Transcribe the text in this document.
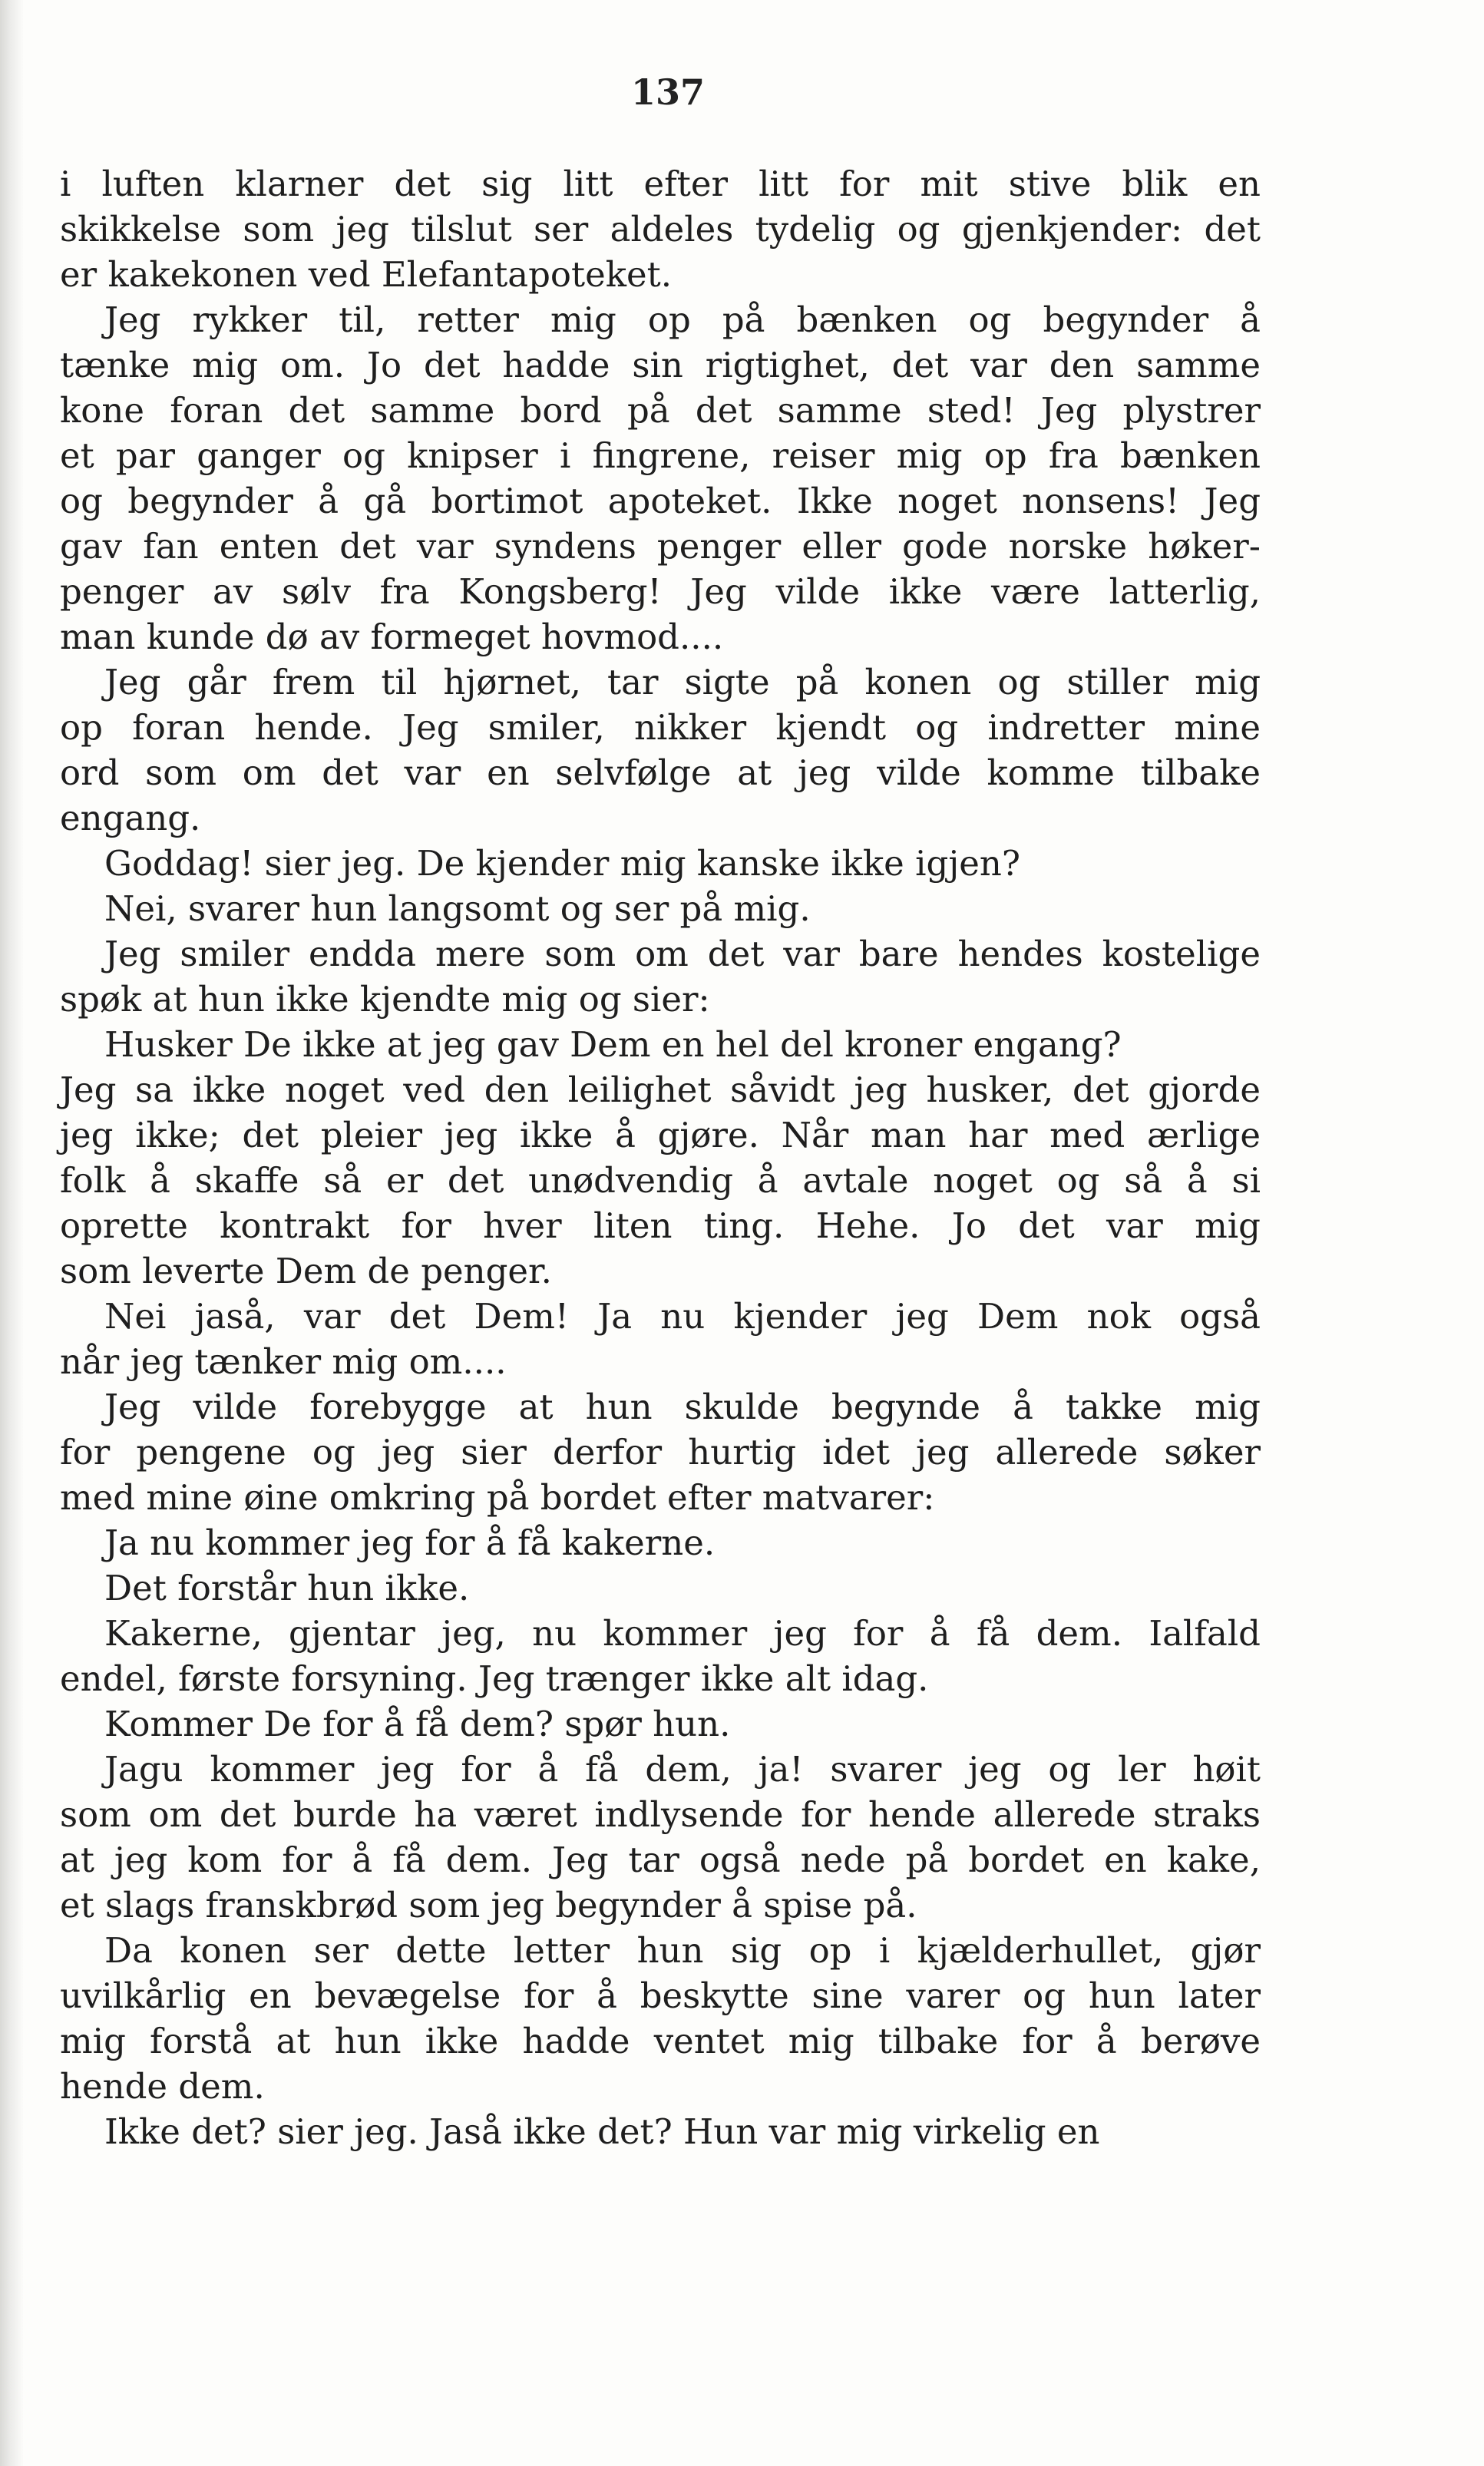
137
i luften klarner det sig litt efter litt for mit stive blik en
skikkelse som jeg tilslut ser aldeles tydelig og gjenkjender: det
er kakekonen ved Elefantapoteket.
Jeg rykker til, retter mig op på bænken og begynder å
tænke mig om. Jo det hadde sin rigtighet, det var den samme
kone foran det samme bord på det samme sted! Jeg plystrer
et par ganger og knipser i fingrene, reiser mig op fra bænken
og begynder å gå bortimot apoteket. Ikke noget nonsens! Jeg
gav fan enten det var syndens penger eller gode norske høker-
penger av sølv fra Kongsberg! Jeg vilde ikke være latterlig,
man kunde dø av formeget hovmod....
Jeg går frem til hjørnet, tar sigte på konen og stiller mig
op foran hende. Jeg smiler, nikker kjendt og indretter mine
ord som om det var en selvfølge at jeg vilde komme tilbake
engang.
Goddag! sier jeg. De kjender mig kanske ikke igjen?
Nei, svarer hun langsomt og ser på mig.
Jeg smiler endda mere som om det var bare hendes kostelige
spøk at hun ikke kjendte mig og sier:
Husker De ikke at jeg gav Dem en hel del kroner engang?
Jeg sa ikke noget ved den leilighet såvidt jeg husker, det gjorde
jeg ikke; det pleier jeg ikke å gjøre. Når man har med ærlige
folk å skaffe så er det unødvendig å avtale noget og så å si
oprette kontrakt for hver liten ting. Hehe. Jo det var mig
som leverte Dem de penger.
Nei jaså, var det Dem! Ja nu kjender jeg Dem nok også
når jeg tænker mig om....
Jeg vilde forebygge at hun skulde begynde å takke mig
for pengene og jeg sier derfor hurtig idet jeg allerede søker
med mine øine omkring på bordet efter matvarer:
Ja nu kommer jeg for å få kakerne.
Det forstår hun ikke.
Kakerne, gjentar jeg, nu kommer jeg for å få dem. Ialfald
endel, første forsyning. Jeg trænger ikke alt idag.
Kommer De for å få dem? spør hun.
Jagu kommer jeg for å få dem, ja! svarer jeg og ler høit
som om det burde ha været indlysende for hende allerede straks
at jeg kom for å få dem. Jeg tar også nede på bordet en kake,
et slags franskbrød som jeg begynder å spise på.
Da konen ser dette letter hun sig op i kjælderhullet, gjør
uvilkårlig en bevægelse for å beskytte sine varer og hun later
mig forstå at hun ikke hadde ventet mig tilbake for å berøve
hende dem.
Ikke det? sier jeg. Jaså ikke det? Hun var mig virkelig en
